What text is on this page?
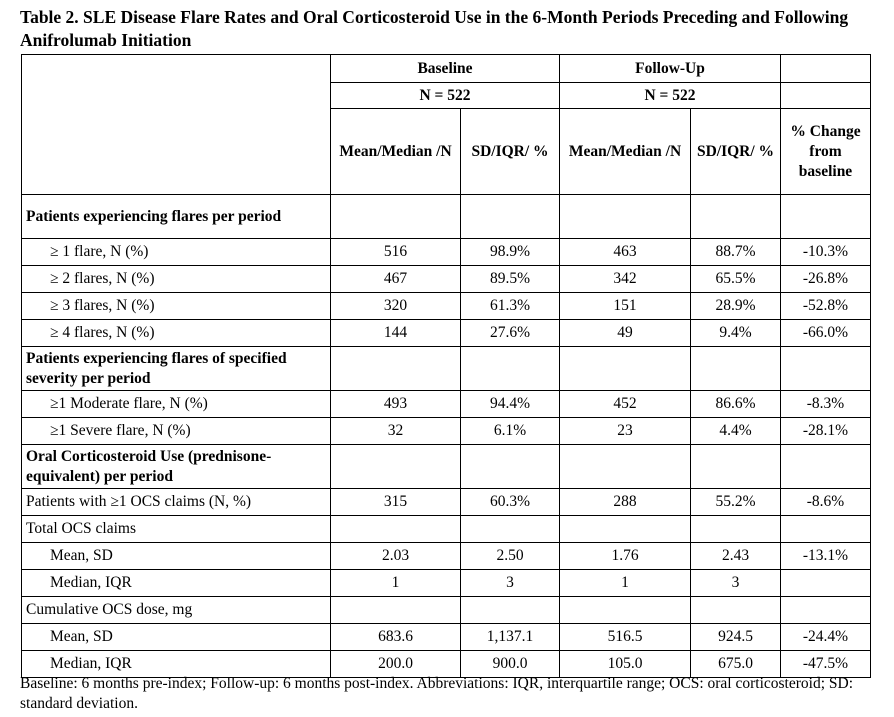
Table 2. SLE Disease Flare Rates and Oral Corticosteroid Use in the 6-Month Periods Preceding and Following Anifrolumab Initiation
	Baseline		Follow-Up		
	N = 522		N = 522		
	Mean/Median /N	SD/IQR/ %	Mean/Median /N	SD/IQR/ %	% Change from baseline
Patients experiencing flares per period					
≥ 1 flare, N (%)	516	98.9%	463	88.7%	-10.3%
≥ 2 flares, N (%)	467	89.5%	342	65.5%	-26.8%
≥ 3 flares, N (%)	320	61.3%	151	28.9%	-52.8%
≥ 4 flares, N (%)	144	27.6%	49	9.4%	-66.0%
Patients experiencing flares of specified severity per period					
≥1 Moderate flare, N (%)	493	94.4%	452	86.6%	-8.3%
≥1 Severe flare, N (%)	32	6.1%	23	4.4%	-28.1%
Oral Corticosteroid Use (prednisone-equivalent) per period					
Patients with ≥1 OCS claims (N, %)	315	60.3%	288	55.2%	-8.6%
Total OCS claims					
Mean, SD	2.03	2.50	1.76	2.43	-13.1%
Median, IQR	1	3	1	3	
Cumulative OCS dose, mg					
Mean, SD	683.6	1,137.1	516.5	924.5	-24.4%
Median, IQR	200.0	900.0	105.0	675.0	-47.5%
Baseline: 6 months pre-index; Follow-up: 6 months post-index. Abbreviations: IQR, interquartile range; OCS: oral corticosteroid; SD: standard deviation.
